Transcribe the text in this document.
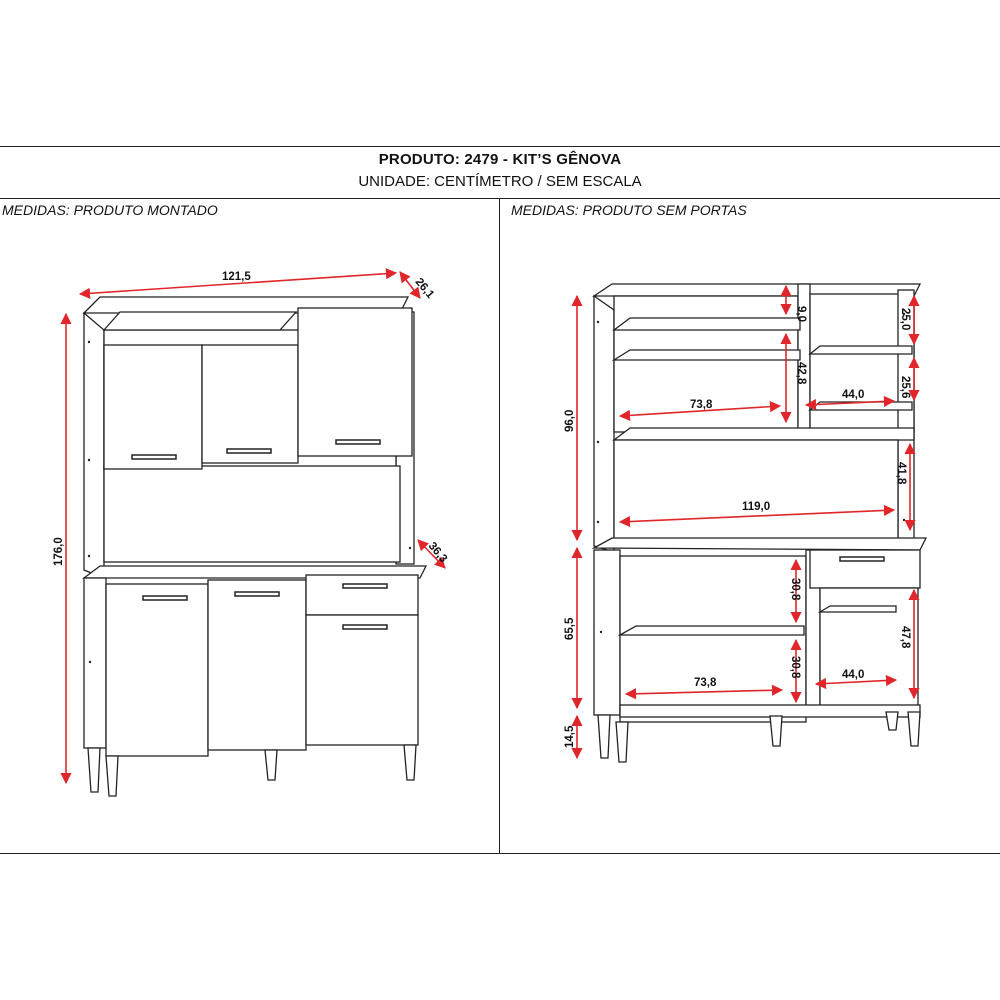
PRODUTO: 2479 - KIT’S GÊNOVA
UNIDADE: CENTÍMETRO / SEM ESCALA
MEDIDAS: PRODUTO MONTADO	MEDIDAS: PRODUTO SEM PORTAS
121,5	26,1
176,0	36,3
96,0
65,5
14,5
9,0
42,8
25,0
25,6
73,8
44,0
41,8
119,0
30,8
30,8
47,8
73,8
44,0
